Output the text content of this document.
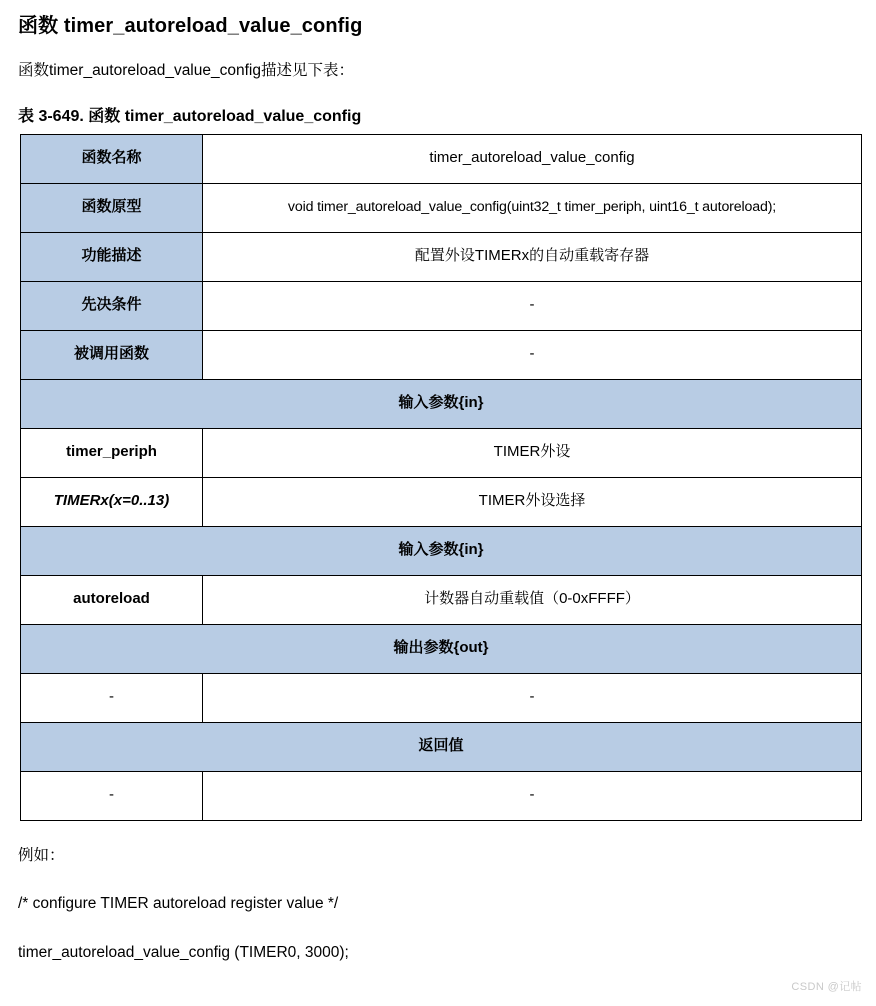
函数 timer_autoreload_value_config

函数timer_autoreload_value_config描述见下表：

表 3-649. 函数 timer_autoreload_value_config

函数名称	timer_autoreload_value_config
函数原型	void timer_autoreload_value_config(uint32_t timer_periph, uint16_t autoreload);
功能描述	配置外设TIMERx的自动重载寄存器
先决条件	-
被调用函数	-
输入参数{in}	
timer_periph	TIMER外设
TIMERx(x=0..13)	TIMER外设选择
输入参数{in}	
autoreload	计数器自动重载值（0-0xFFFF）
输出参数{out}	
-	-
返回值	
-	-

例如：

/* configure TIMER autoreload register value */

timer_autoreload_value_config (TIMER0, 3000);

CSDN @记帖
